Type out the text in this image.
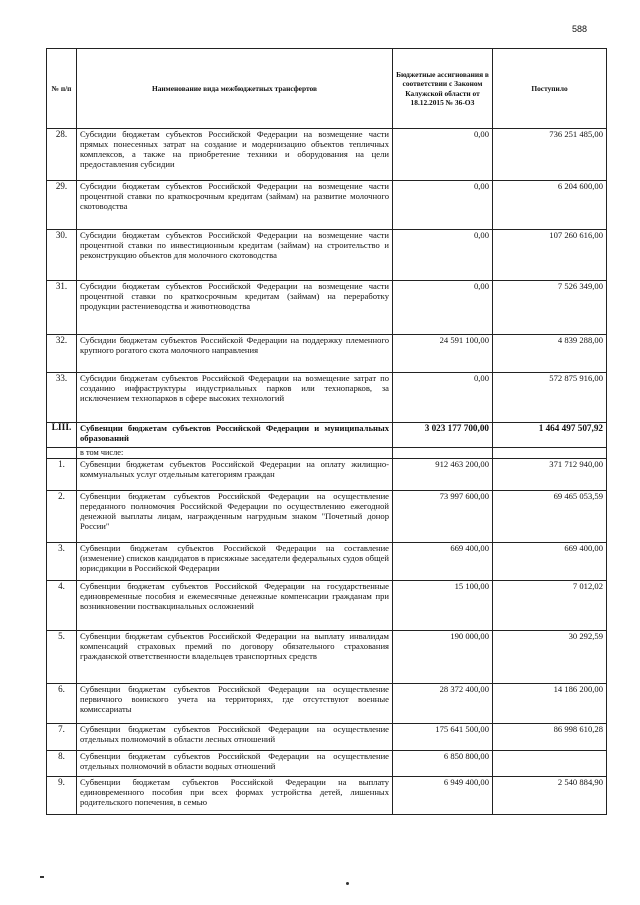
588
№ п/п	Наименование вида межбюджетных трансфертов	Бюджетные ассигнования в соответствии с Законом Калужской области от 18.12.2015 № 36-ОЗ	Поступило
28.	Субсидии бюджетам субъектов Российской Федерации на возмещение части прямых понесенных затрат на создание и модернизацию объектов тепличных комплексов, а также на приобретение техники и оборудования на цели предоставления субсидии	0,00	736 251 485,00
29.	Субсидии бюджетам субъектов Российской Федерации на возмещение части процентной ставки по краткосрочным кредитам (займам) на развитие молочного скотоводства	0,00	6 204 600,00
30.	Субсидии бюджетам субъектов Российской Федерации на возмещение части процентной ставки по инвестиционным кредитам (займам) на строительство и реконструкцию объектов для молочного скотоводства	0,00	107 260 616,00
31.	Субсидии бюджетам субъектов Российской Федерации на возмещение части процентной ставки по краткосрочным кредитам (займам) на переработку продукции растениеводства и животноводства	0,00	7 526 349,00
32.	Субсидии бюджетам субъектов Российской Федерации на поддержку племенного крупного рогатого скота молочного направления	24 591 100,00	4 839 288,00
33.	Субсидии бюджетам субъектов Российской Федерации на возмещение затрат по созданию инфраструктуры индустриальных парков или технопарков, за исключением технопарков в сфере высоких технологий	0,00	572 875 916,00
LIII.	Субвенции бюджетам субъектов Российской Федерации и муниципальных образований	3 023 177 700,00	1 464 497 507,92
	в том числе:		
1.	Субвенции бюджетам субъектов Российской Федерации на оплату жилищно-коммунальных услуг отдельным категориям граждан	912 463 200,00	371 712 940,00
2.	Субвенции бюджетам субъектов Российской Федерации на осуществление переданного полномочия Российской Федерации по осуществлению ежегодной денежной выплаты лицам, награжденным нагрудным знаком "Почетный донор России"	73 997 600,00	69 465 053,59
3.	Субвенции бюджетам субъектов Российской Федерации на составление (изменение) списков кандидатов в присяжные заседатели федеральных судов общей юрисдикции в Российской Федерации	669 400,00	669 400,00
4.	Субвенции бюджетам субъектов Российской Федерации на государственные единовременные пособия и ежемесячные денежные компенсации гражданам при возникновении поствакцинальных осложнений	15 100,00	7 012,02
5.	Субвенции бюджетам субъектов Российской Федерации на выплату инвалидам компенсаций страховых премий по договору обязательного страхования гражданской ответственности владельцев транспортных средств	190 000,00	30 292,59
6.	Субвенции бюджетам субъектов Российской Федерации на осуществление первичного воинского учета на территориях, где отсутствуют военные комиссариаты	28 372 400,00	14 186 200,00
7.	Субвенции бюджетам субъектов Российской Федерации на осуществление отдельных полномочий в области лесных отношений	175 641 500,00	86 998 610,28
8.	Субвенции бюджетам субъектов Российской Федерации на осуществление отдельных полномочий в области водных отношений	6 850 800,00	
9.	Субвенции бюджетам субъектов Российской Федерации на выплату единовременного пособия при всех формах устройства детей, лишенных родительского попечения, в семью	6 949 400,00	2 540 884,90
